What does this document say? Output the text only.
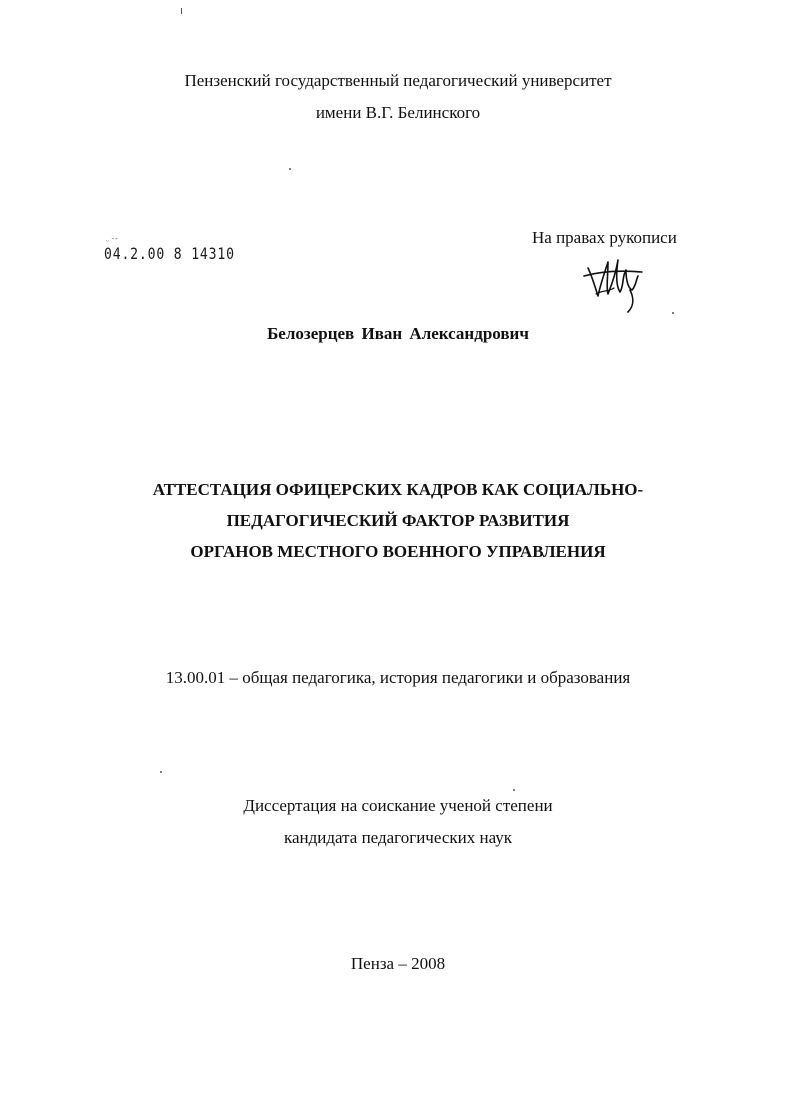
Пензенский государственный педагогический университет
имени В.Г. Белинского
ᵕ ˉˉ
04.2.00 8 14310
На правах рукописи
Белозерцев Иван Александрович
АТТЕСТАЦИЯ ОФИЦЕРСКИХ КАДРОВ КАК СОЦИАЛЬНО-
ПЕДАГОГИЧЕСКИЙ ФАКТОР РАЗВИТИЯ
ОРГАНОВ МЕСТНОГО ВОЕННОГО УПРАВЛЕНИЯ
13.00.01 – общая педагогика, история педагогики и образования
Диссертация на соискание ученой степени
кандидата педагогических наук
Пенза – 2008
